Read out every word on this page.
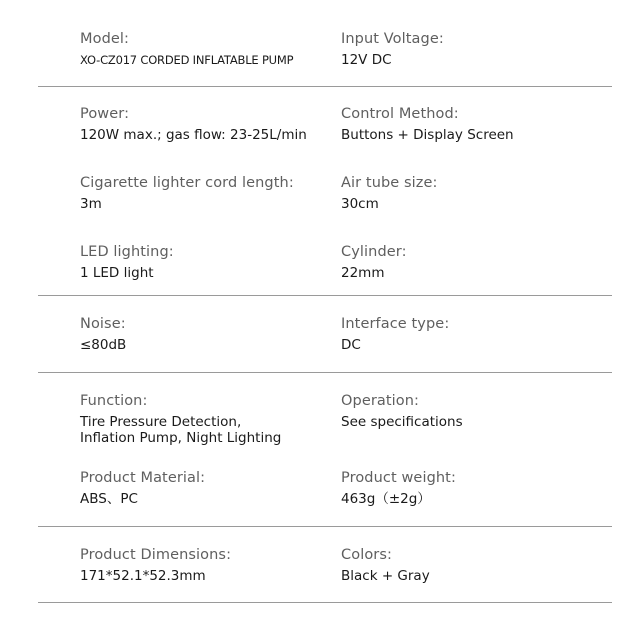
Model:
XO-CZ017 CORDED INFLATABLE PUMP
Input Voltage:
12V DC
Power:
120W max.; gas flow: 23-25L/min
Control Method:
Buttons + Display Screen
Cigarette lighter cord length:
3m
Air tube size:
30cm
LED lighting:
1 LED light
Cylinder:
22mm
Noise:
≤80dB
Interface type:
DC
Function:
Tire Pressure Detection,
Inflation Pump, Night Lighting
Operation:
See specifications
Product Material:
ABS、PC
Product weight:
463g（±2g）
Product Dimensions:
171*52.1*52.3mm
Colors:
Black + Gray
